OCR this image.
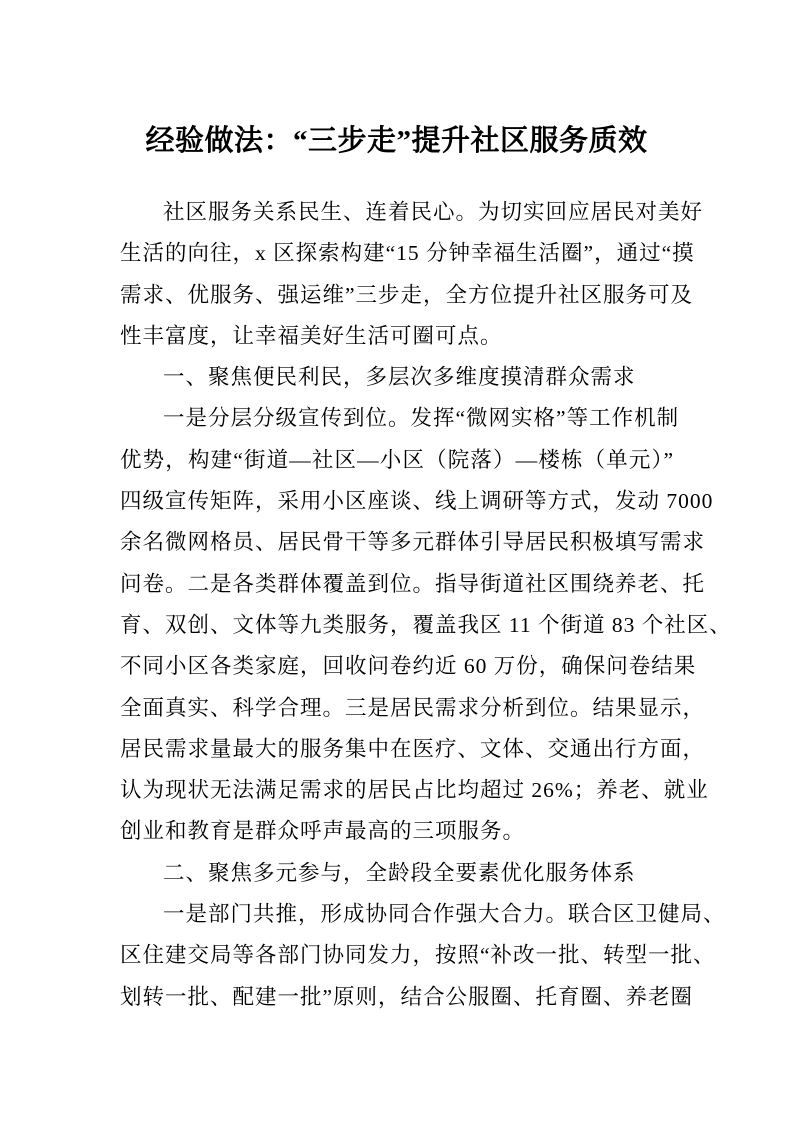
经验做法：“三步走”提升社区服务质效
社区服务关系民生、连着民心。为切实回应居民对美好
生活的向往，x 区探索构建“15 分钟幸福生活圈”，通过“摸
需求、优服务、强运维”三步走，全方位提升社区服务可及
性丰富度，让幸福美好生活可圈可点。
一、聚焦便民利民，多层次多维度摸清群众需求
一是分层分级宣传到位。发挥“微网实格”等工作机制
优势，构建“街道—社区—小区（院落）—楼栋（单元）”
四级宣传矩阵，采用小区座谈、线上调研等方式，发动 7000
余名微网格员、居民骨干等多元群体引导居民积极填写需求
问卷。二是各类群体覆盖到位。指导街道社区围绕养老、托
育、双创、文体等九类服务，覆盖我区 11 个街道 83 个社区、
不同小区各类家庭，回收问卷约近 60 万份，确保问卷结果
全面真实、科学合理。三是居民需求分析到位。结果显示，
居民需求量最大的服务集中在医疗、文体、交通出行方面，
认为现状无法满足需求的居民占比均超过 26%；养老、就业
创业和教育是群众呼声最高的三项服务。
二、聚焦多元参与，全龄段全要素优化服务体系
一是部门共推，形成协同合作强大合力。联合区卫健局、
区住建交局等各部门协同发力，按照“补改一批、转型一批、
划转一批、配建一批”原则，结合公服圈、托育圈、养老圈
